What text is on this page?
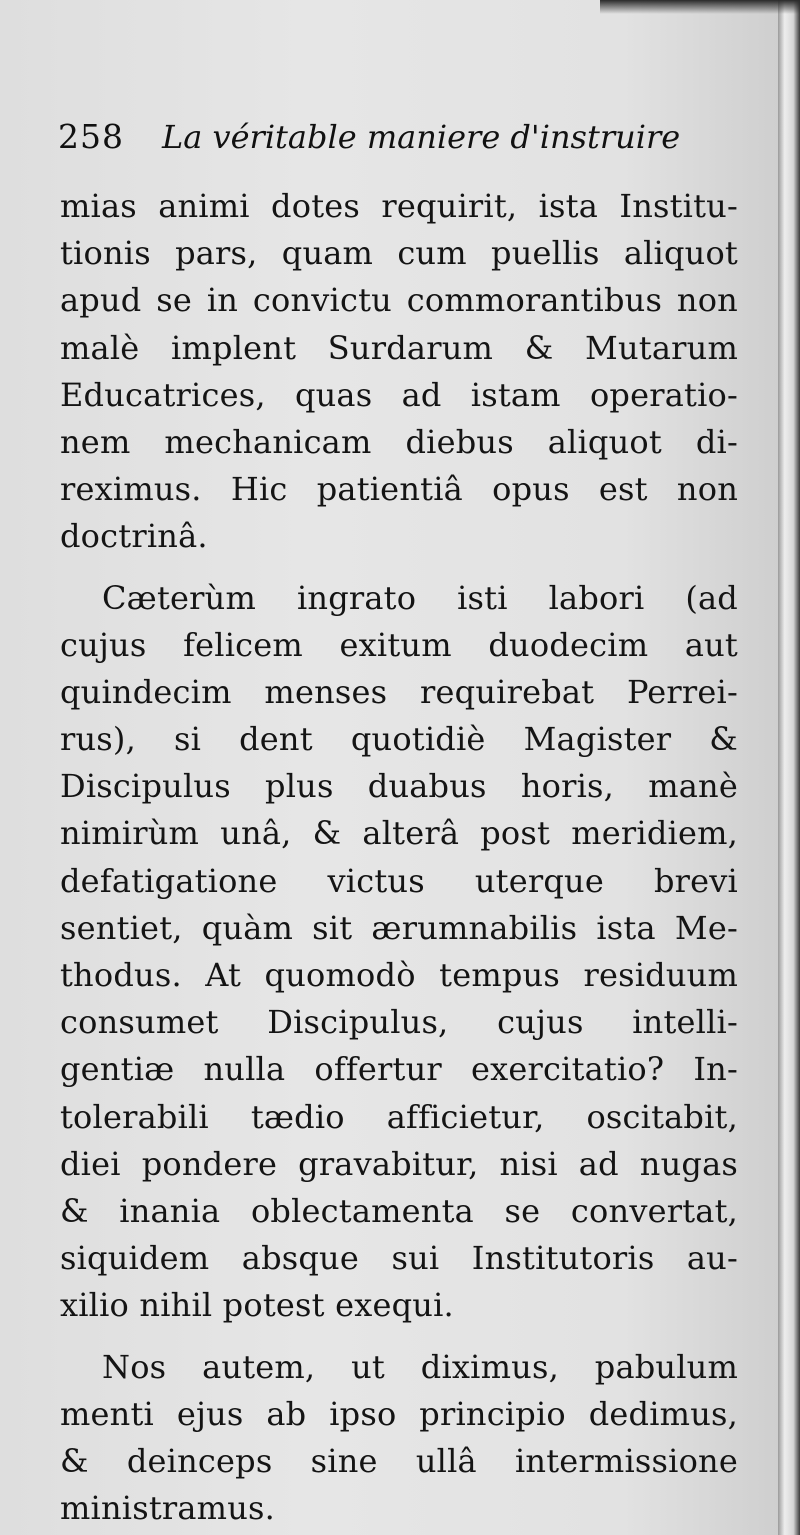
258 La véritable maniere d'instruire
mias animi dotes requirit, ista Institu-
tionis pars, quam cum puellis aliquot
apud se in convictu commorantibus non
malè implent Surdarum & Mutarum
Educatrices, quas ad istam operatio-
nem mechanicam diebus aliquot di-
reximus. Hic patientiâ opus est non
doctrinâ.
Cæterùm ingrato isti labori (ad
cujus felicem exitum duodecim aut
quindecim menses requirebat Perrei-
rus), si dent quotidiè Magister &
Discipulus plus duabus horis, manè
nimirùm unâ, & alterâ post meridiem,
defatigatione victus uterque brevi
sentiet, quàm sit ærumnabilis ista Me-
thodus. At quomodò tempus residuum
consumet Discipulus, cujus intelli-
gentiæ nulla offertur exercitatio? In-
tolerabili tædio afficietur, oscitabit,
diei pondere gravabitur, nisi ad nugas
& inania oblectamenta se convertat,
siquidem absque sui Institutoris au-
xilio nihil potest exequi.
Nos autem, ut diximus, pabulum
menti ejus ab ipso principio dedimus,
& deinceps sine ullâ intermissione
ministramus.
